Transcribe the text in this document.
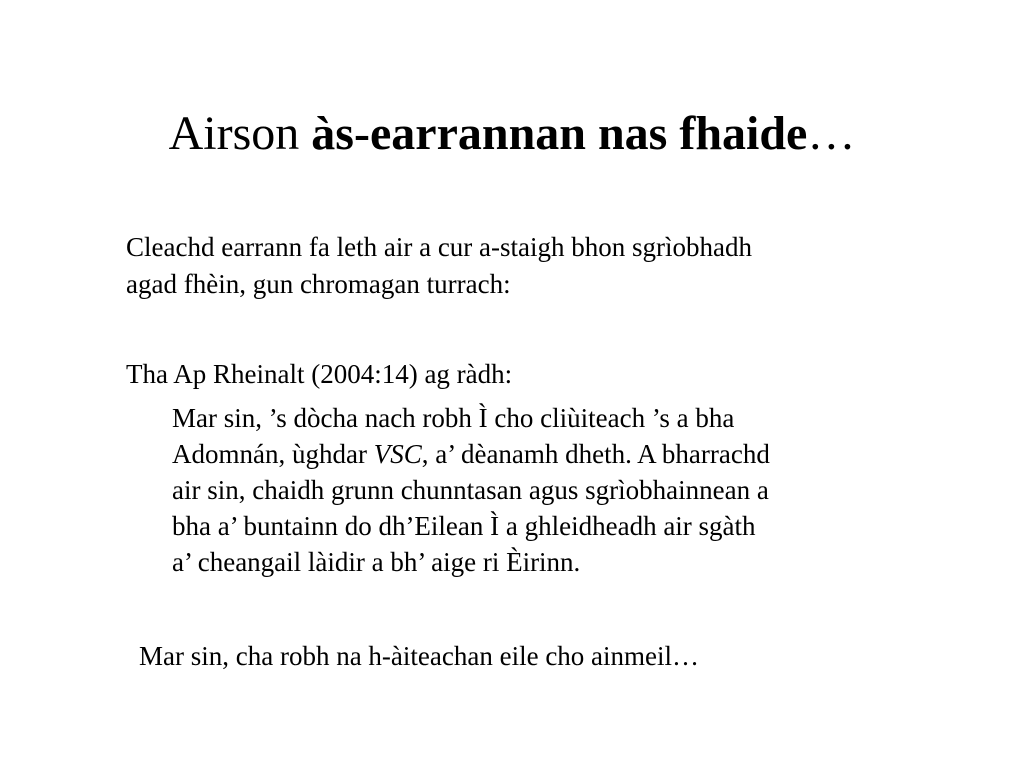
Airson às-earrannan nas fhaide…

Cleachd earrann fa leth air a cur a-staigh bhon sgrìobhadh
agad fhèin, gun chromagan turrach:

Tha Ap Rheinalt (2004:14) ag ràdh:

Mar sin, ’s dòcha nach robh Ì cho cliùiteach ’s a bha
Adomnán, ùghdar VSC, a’ dèanamh dheth. A bharrachd
air sin, chaidh grunn chunntasan agus sgrìobhainnean a
bha a’ buntainn do dh’Eilean Ì a ghleidheadh air sgàth
a’ cheangail làidir a bh’ aige ri Èirinn.

Mar sin, cha robh na h-àiteachan eile cho ainmeil…
